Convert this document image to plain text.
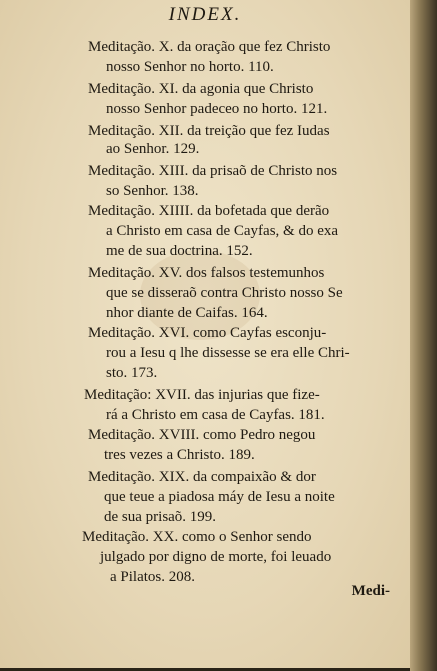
INDEX.
Meditação. X. da oração que fez Christo
nosso Senhor no horto. 110.
Meditação. XI. da agonia que Christo
nosso Senhor padeceo no horto. 121.
Meditação. XII. da treição que fez Iudas
ao Senhor. 129.
Meditação. XIII. da prisaõ de Christo nos
so Senhor. 138.
Meditação. XIIII. da bofetada que derão
a Christo em casa de Cayfas, & do exa
me de sua doctrina. 152.
Meditação. XV. dos falsos testemunhos
que se disseraõ contra Christo nosso Se
nhor diante de Caifas. 164.
Meditação. XVI. como Cayfas esconju-
rou a Iesu q lhe dissesse se era elle Chri-
sto. 173.
Meditação: XVII. das injurias que fize-
rá a Christo em casa de Cayfas. 181.
Meditação. XVIII. como Pedro negou
tres vezes a Christo. 189.
Meditação. XIX. da compaixão & dor
que teue a piadosa máy de Iesu a noite
de sua prisaõ. 199.
Meditação. XX. como o Senhor sendo
julgado por digno de morte, foi leuado
a Pilatos. 208.
Medi-
